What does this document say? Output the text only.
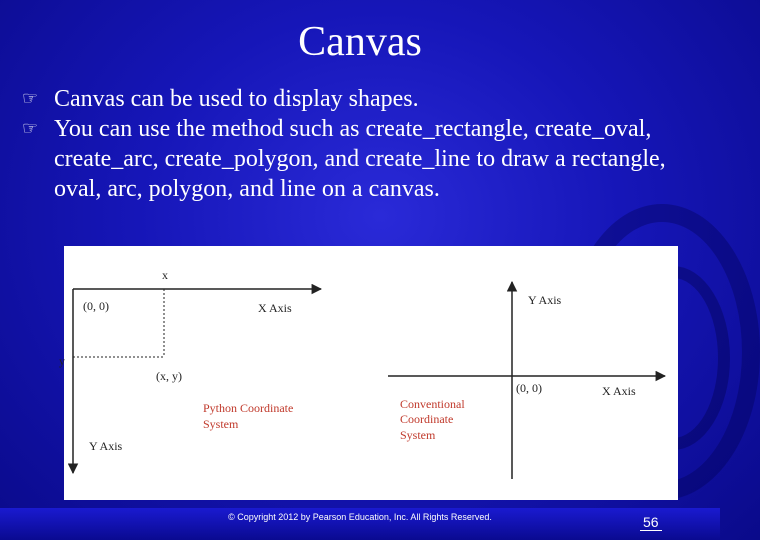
Canvas

☞ Canvas can be used to display shapes.

☞ You can use the method such as create_rectangle, create_oval, create_arc, create_polygon, and create_line to draw a rectangle, oval, arc, polygon, and line on a canvas.

x
(0, 0)	X Axis
y
(x, y)
Y Axis
Python Coordinate
System
Y Axis
(0, 0)	X Axis
Conventional
Coordinate
System
© Copyright 2012 by Pearson Education, Inc. All Rights Reserved.	56
